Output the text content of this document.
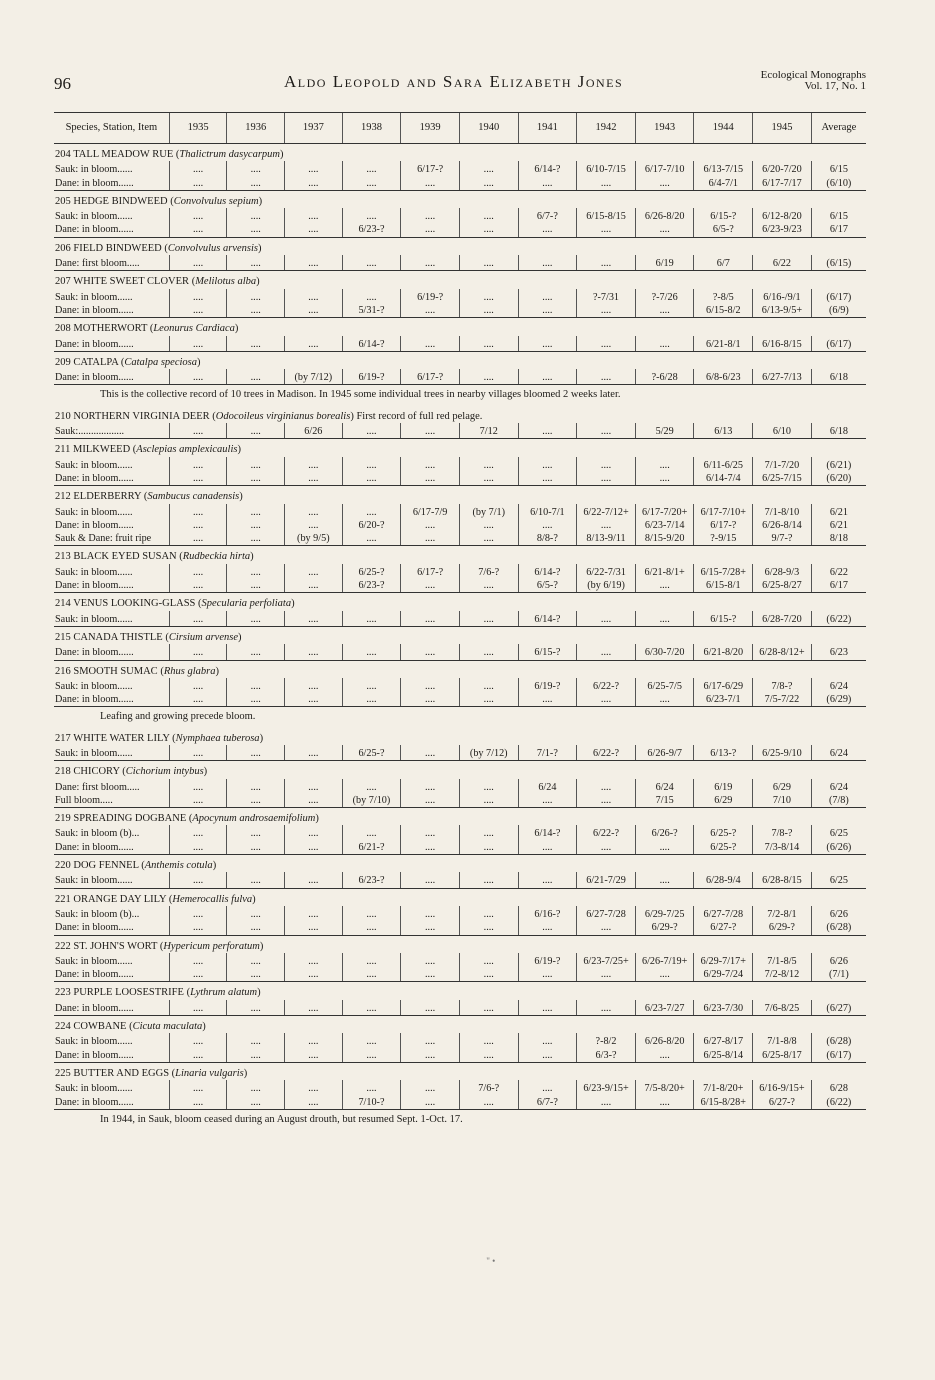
96	Aldo Leopold and Sara Elizabeth Jones	Ecological Monographs
Vol. 17, No. 1
Species, Station, Item	1935	1936	1937	1938	1939	1940	1941	1942	1943	1944	1945	Average
204 TALL MEADOW RUE (Thalictrum dasycarpum)												
Sauk: in bloom......	....	....	....	....	6/17-?	....	6/14-?	6/10-7/15	6/17-7/10	6/13-7/15	6/20-7/20	6/15
Dane: in bloom......	....	....	....	....	....	....	....	....	....	6/4-7/1	6/17-7/17	(6/10)
205 HEDGE BINDWEED (Convolvulus sepium)												
Sauk: in bloom......	....	....	....	....	....	....	6/7-?	6/15-8/15	6/26-8/20	6/15-?	6/12-8/20	6/15
Dane: in bloom......	....	....	....	6/23-?	....	....	....	....	....	6/5-?	6/23-9/23	6/17
206 FIELD BINDWEED (Convolvulus arvensis)												
Dane: first bloom.....	....	....	....	....	....	....	....	....	6/19	6/7	6/22	(6/15)
207 WHITE SWEET CLOVER (Melilotus alba)												
Sauk: in bloom......	....	....	....	....	6/19-?	....	....	?-7/31	?-7/26	?-8/5	6/16-/9/1	(6/17)
Dane: in bloom......	....	....	....	5/31-?	....	....	....	....	....	6/15-8/2	6/13-9/5+	(6/9)
208 MOTHERWORT (Leonurus Cardiaca)												
Dane: in bloom......	....	....	....	6/14-?	....	....	....	....	....	6/21-8/1	6/16-8/15	(6/17)
209 CATALPA (Catalpa speciosa)												
Dane: in bloom......	....	....	(by 7/12)	6/19-?	6/17-?	....	....	....	?-6/28	6/8-6/23	6/27-7/13	6/18
This is the collective record of 10 trees in Madison. In 1945 some individual trees in nearby villages bloomed 2 weeks later.												
210 NORTHERN VIRGINIA DEER (Odocoileus virginianus borealis) First record of full red pelage.												
Sauk:..................	....	....	6/26	....	....	7/12	....	....	5/29	6/13	6/10	6/18
211 MILKWEED (Asclepias amplexicaulis)												
Sauk: in bloom......	....	....	....	....	....	....	....	....	....	6/11-6/25	7/1-7/20	(6/21)
Dane: in bloom......	....	....	....	....	....	....	....	....	....	6/14-7/4	6/25-7/15	(6/20)
212 ELDERBERRY (Sambucus canadensis)												
Sauk: in bloom......	....	....	....	....	6/17-7/9	(by 7/1)	6/10-7/1	6/22-7/12+	6/17-7/20+	6/17-7/10+	7/1-8/10	6/21
Dane: in bloom......	....	....	....	6/20-?	....	....	....	....	6/23-7/14	6/17-?	6/26-8/14	6/21
Sauk & Dane: fruit ripe	....	....	(by 9/5)	....	....	....	8/8-?	8/13-9/11	8/15-9/20	?-9/15	9/7-?	8/18
213 BLACK EYED SUSAN (Rudbeckia hirta)												
Sauk: in bloom......	....	....	....	6/25-?	6/17-?	7/6-?	6/14-?	6/22-7/31	6/21-8/1+	6/15-7/28+	6/28-9/3	6/22
Dane: in bloom......	....	....	....	6/23-?	....	....	6/5-?	(by 6/19)	....	6/15-8/1	6/25-8/27	6/17
214 VENUS LOOKING-GLASS (Specularia perfoliata)												
Sauk: in bloom......	....	....	....	....	....	....	6/14-?	....	....	6/15-?	6/28-7/20	(6/22)
215 CANADA THISTLE (Cirsium arvense)												
Dane: in bloom......	....	....	....	....	....	....	6/15-?	....	6/30-7/20	6/21-8/20	6/28-8/12+	6/23
216 SMOOTH SUMAC (Rhus glabra)												
Sauk: in bloom......	....	....	....	....	....	....	6/19-?	6/22-?	6/25-7/5	6/17-6/29	7/8-?	6/24
Dane: in bloom......	....	....	....	....	....	....	....	....	....	6/23-7/1	7/5-7/22	(6/29)
Leafing and growing precede bloom.												
217 WHITE WATER LILY (Nymphaea tuberosa)												
Sauk: in bloom......	....	....	....	6/25-?	....	(by 7/12)	7/1-?	6/22-?	6/26-9/7	6/13-?	6/25-9/10	6/24
218 CHICORY (Cichorium intybus)												
Dane: first bloom.....	....	....	....	....	....	....	6/24	....	6/24	6/19	6/29	6/24
Full bloom.....	....	....	....	(by 7/10)	....	....	....	....	7/15	6/29	7/10	(7/8)
219 SPREADING DOGBANE (Apocynum androsaemifolium)												
Sauk: in bloom (b)...	....	....	....	....	....	....	6/14-?	6/22-?	6/26-?	6/25-?	7/8-?	6/25
Dane: in bloom......	....	....	....	6/21-?	....	....	....	....	....	6/25-?	7/3-8/14	(6/26)
220 DOG FENNEL (Anthemis cotula)												
Sauk: in bloom......	....	....	....	6/23-?	....	....	....	6/21-7/29	....	6/28-9/4	6/28-8/15	6/25
221 ORANGE DAY LILY (Hemerocallis fulva)												
Sauk: in bloom (b)...	....	....	....	....	....	....	6/16-?	6/27-7/28	6/29-7/25	6/27-7/28	7/2-8/1	6/26
Dane: in bloom......	....	....	....	....	....	....	....	....	6/29-?	6/27-?	6/29-?	(6/28)
222 ST. JOHN'S WORT (Hypericum perforatum)												
Sauk: in bloom......	....	....	....	....	....	....	6/19-?	6/23-7/25+	6/26-7/19+	6/29-7/17+	7/1-8/5	6/26
Dane: in bloom......	....	....	....	....	....	....	....	....	....	6/29-7/24	7/2-8/12	(7/1)
223 PURPLE LOOSESTRIFE (Lythrum alatum)												
Dane: in bloom......	....	....	....	....	....	....	....	....	6/23-7/27	6/23-7/30	7/6-8/25	(6/27)
224 COWBANE (Cicuta maculata)												
Sauk: in bloom......	....	....	....	....	....	....	....	?-8/2	6/26-8/20	6/27-8/17	7/1-8/8	(6/28)
Dane: in bloom......	....	....	....	....	....	....	....	6/3-?	....	6/25-8/14	6/25-8/17	(6/17)
225 BUTTER AND EGGS (Linaria vulgaris)												
Sauk: in bloom......	....	....	....	....	....	7/6-?	....	6/23-9/15+	7/5-8/20+	7/1-8/20+	6/16-9/15+	6/28
Dane: in bloom......	....	....	....	7/10-?	....	....	6/7-?	....	....	6/15-8/28+	6/27-?	(6/22)
In 1944, in Sauk, bloom ceased during an August drouth, but resumed Sept. 1-Oct. 17.												
" •
